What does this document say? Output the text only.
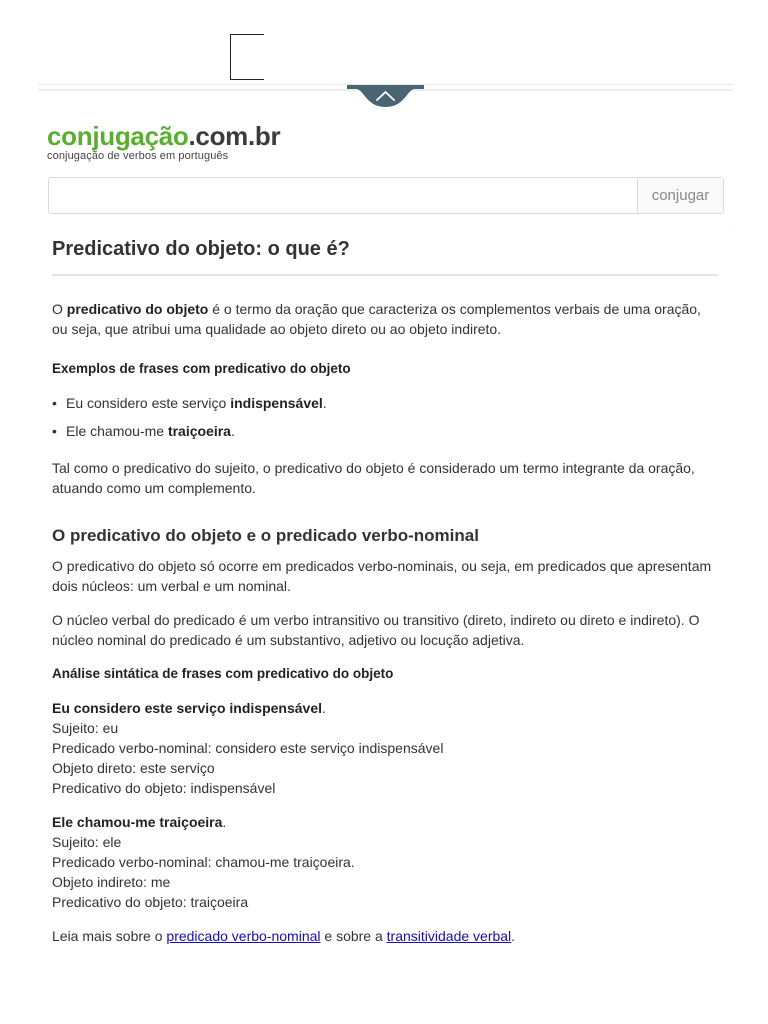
conjugação.com.br
conjugação de verbos em português
conjugar
Predicativo do objeto: o que é?

O predicativo do objeto é o termo da oração que caracteriza os complementos verbais de uma oração, ou seja, que atribui uma qualidade ao objeto direto ou ao objeto indireto.

Exemplos de frases com predicativo do objeto
• Eu considero este serviço indispensável.
• Ele chamou-me traiçoeira.

Tal como o predicativo do sujeito, o predicativo do objeto é considerado um termo integrante da oração, atuando como um complemento.

O predicativo do objeto e o predicado verbo-nominal

O predicativo do objeto só ocorre em predicados verbo-nominais, ou seja, em predicados que apresentam dois núcleos: um verbal e um nominal.

O núcleo verbal do predicado é um verbo intransitivo ou transitivo (direto, indireto ou direto e indireto). O núcleo nominal do predicado é um substantivo, adjetivo ou locução adjetiva.

Análise sintática de frases com predicativo do objeto
Eu considero este serviço indispensável.
Sujeito: eu
Predicado verbo-nominal: considero este serviço indispensável
Objeto direto: este serviço
Predicativo do objeto: indispensável
Ele chamou-me traiçoeira.
Sujeito: ele
Predicado verbo-nominal: chamou-me traiçoeira.
Objeto indireto: me
Predicativo do objeto: traiçoeira

Leia mais sobre o predicado verbo-nominal e sobre a transitividade verbal.
